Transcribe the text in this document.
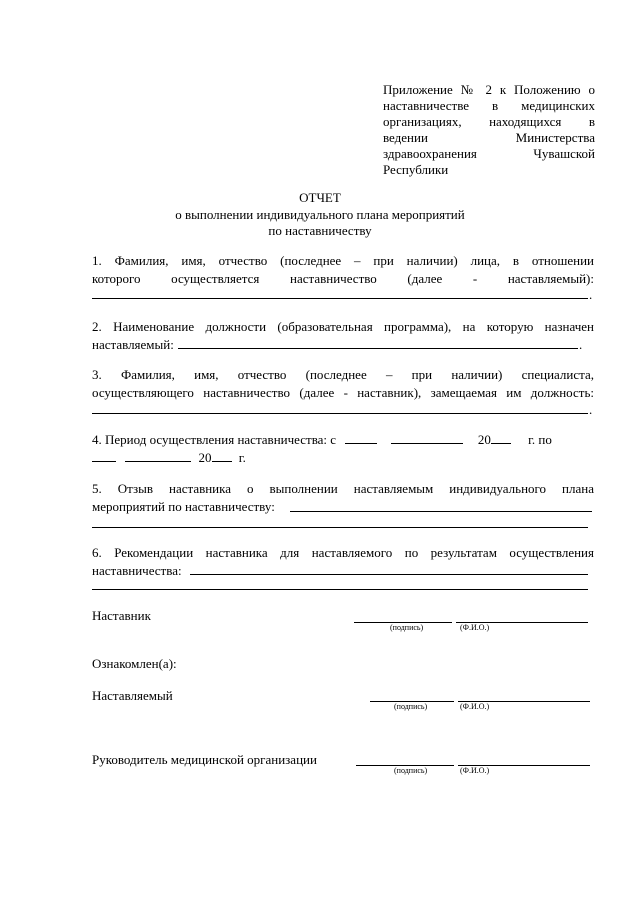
Приложение № 2 к Положению о
наставничестве в медицинских
организациях, находящихся в
ведении Министерства
здравоохранения Чувашской
Республики
ОТЧЕТ
о выполнении индивидуального плана мероприятий
по наставничеству
1. Фамилия, имя, отчество (последнее – при наличии) лица, в отношении
которого осуществляется наставничество (далее - наставляемый):
.
2. Наименование должности (образовательная программа), на которую назначен
наставляемый:	.
3. Фамилия, имя, отчество (последнее – при наличии) специалиста,
осуществляющего наставничество (далее - наставник), замещаемая им должность:
.
4. Период осуществления наставничества: с	20	г. по
20 г.
5. Отзыв наставника о выполнении наставляемым индивидуального плана
мероприятий по наставничеству:
6. Рекомендации наставника для наставляемого по результатам осуществления
наставничества:
Наставник
(подпись)	(Ф.И.О.)
Ознакомлен(а):
Наставляемый
(подпись)	(Ф.И.О.)
Руководитель медицинской организации
(подпись)	(Ф.И.О.)
